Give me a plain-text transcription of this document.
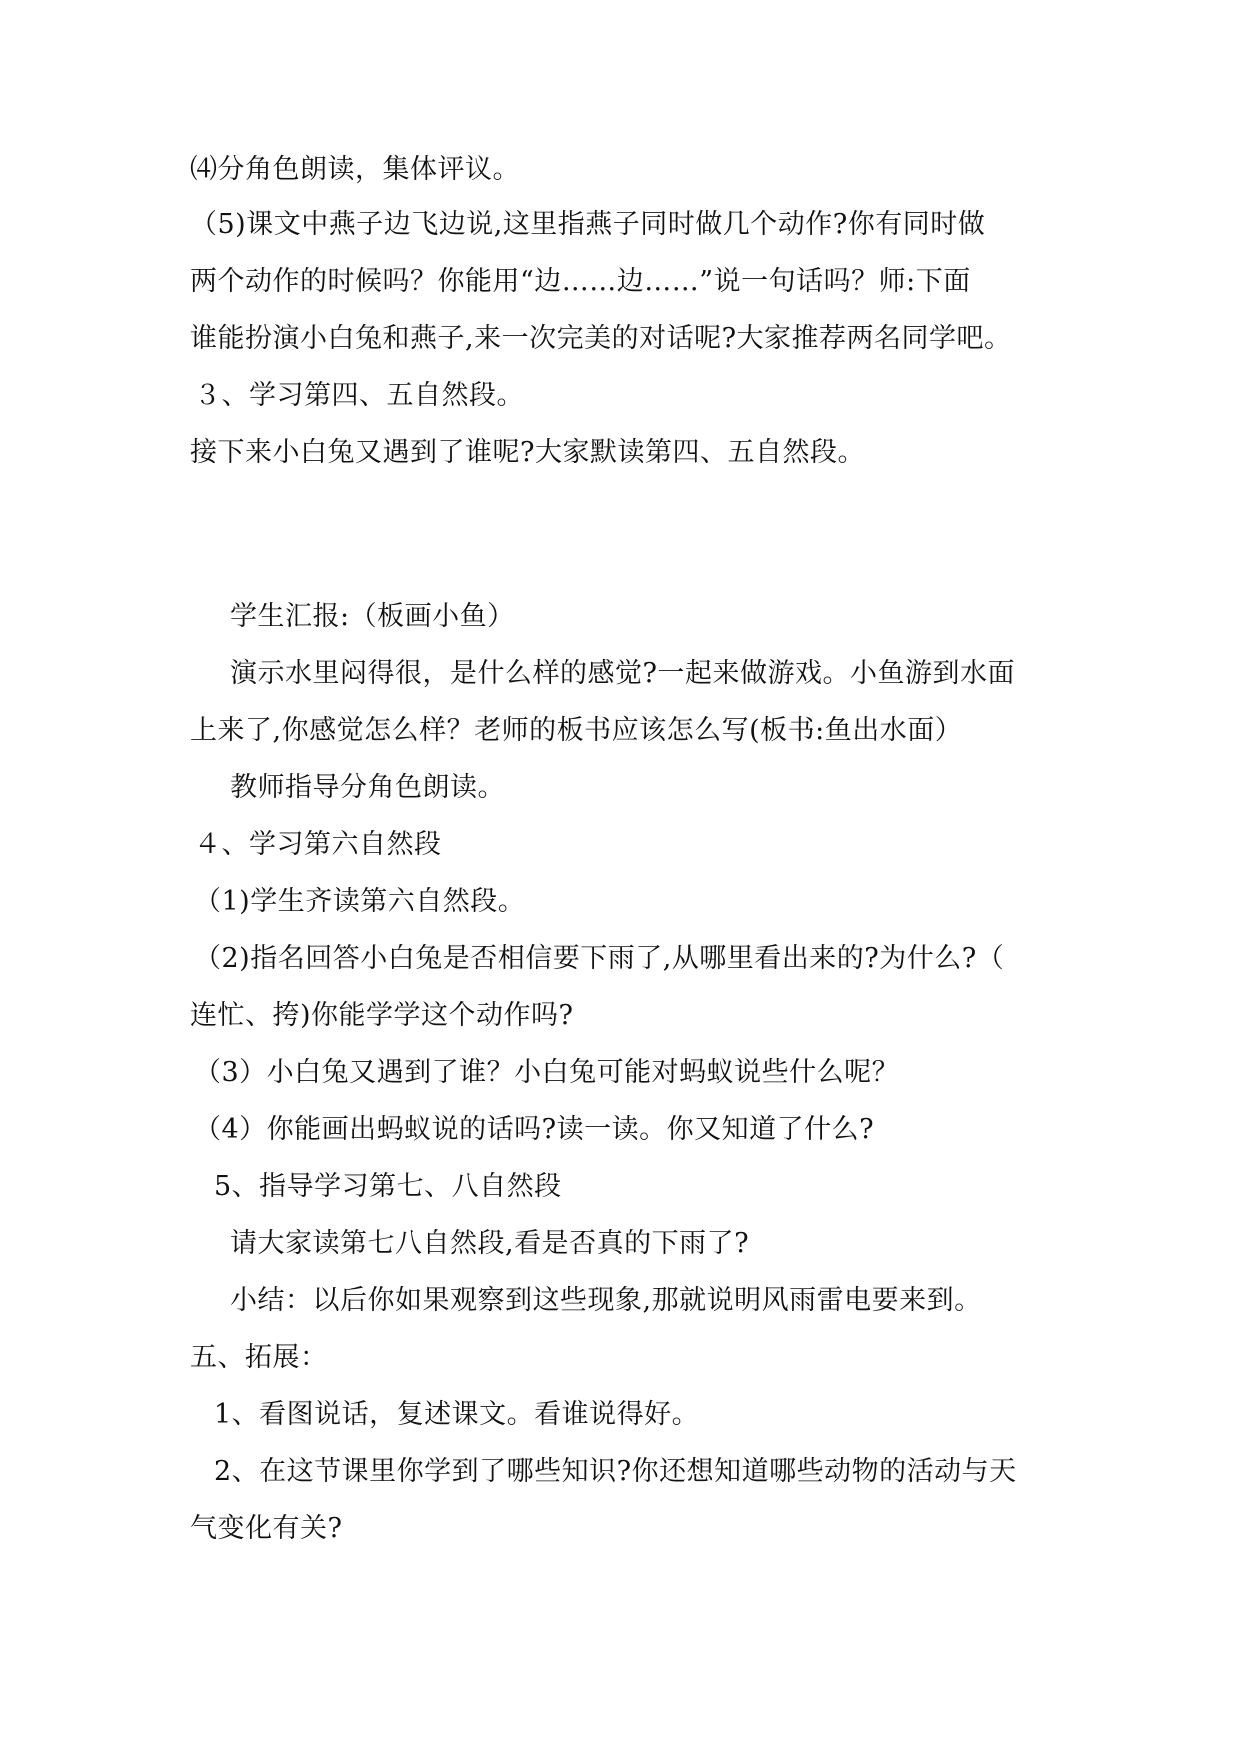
⑷分角色朗读，集体评议。
（5)课文中燕子边飞边说,这里指燕子同时做几个动作?你有同时做
两个动作的时候吗？你能用“边……边……”说一句话吗？师:下面
谁能扮演小白兔和燕子,来一次完美的对话呢?大家推荐两名同学吧。
３、学习第四、五自然段。
接下来小白兔又遇到了谁呢?大家默读第四、五自然段。
学生汇报:（板画小鱼）
演示水里闷得很，是什么样的感觉?一起来做游戏。小鱼游到水面
上来了,你感觉怎么样？老师的板书应该怎么写(板书:鱼出水面）
教师指导分角色朗读。
４、学习第六自然段
（1)学生齐读第六自然段。
（2)指名回答小白兔是否相信要下雨了,从哪里看出来的?为什么?（
连忙、挎)你能学学这个动作吗?
（3）小白兔又遇到了谁？小白兔可能对蚂蚁说些什么呢？
（4）你能画出蚂蚁说的话吗?读一读。你又知道了什么?
5、指导学习第七、八自然段
请大家读第七八自然段,看是否真的下雨了?
小结：以后你如果观察到这些现象,那就说明风雨雷电要来到。
五、拓展：
1、看图说话，复述课文。看谁说得好。
2、在这节课里你学到了哪些知识?你还想知道哪些动物的活动与天
气变化有关?
